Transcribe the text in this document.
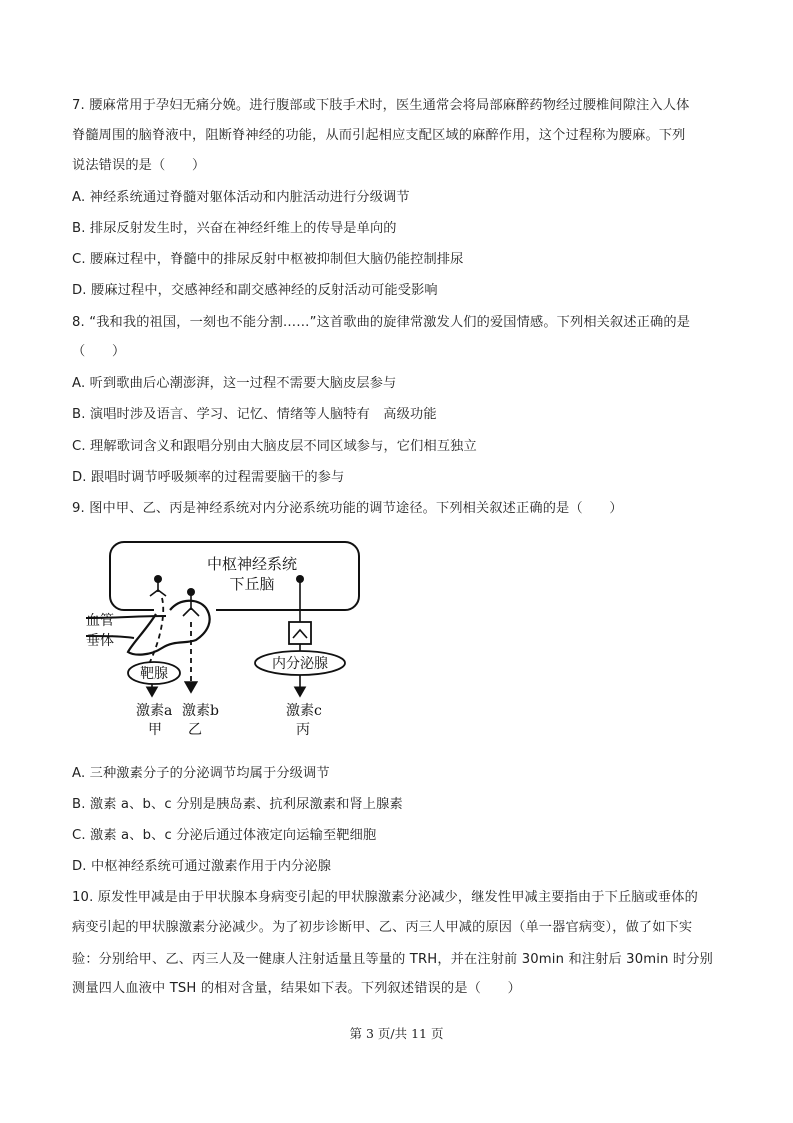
7. 腰麻常用于孕妇无痛分娩。进行腹部或下肢手术时，医生通常会将局部麻醉药物经过腰椎间隙注入人体
脊髓周围的脑脊液中，阻断脊神经的功能，从而引起相应支配区域的麻醉作用，这个过程称为腰麻。下列
说法错误的是（　　）
A. 神经系统通过脊髓对躯体活动和内脏活动进行分级调节
B. 排尿反射发生时，兴奋在神经纤维上的传导是单向的
C. 腰麻过程中，脊髓中的排尿反射中枢被抑制但大脑仍能控制排尿
D. 腰麻过程中，交感神经和副交感神经的反射活动可能受影响
8. “我和我的祖国，一刻也不能分割……”这首歌曲的旋律常激发人们的爱国情感。下列相关叙述正确的是
（　　）
A. 听到歌曲后心潮澎湃，这一过程不需要大脑皮层参与
B. 演唱时涉及语言、学习、记忆、情绪等人脑特有　高级功能
C. 理解歌词含义和跟唱分别由大脑皮层不同区域参与，它们相互独立
D. 跟唱时调节呼吸频率的过程需要脑干的参与
9. 图中甲、乙、丙是神经系统对内分泌系统功能的调节途径。下列相关叙述正确的是（　　）
中枢神经系统
下丘脑
血管
垂体
靶腺
激素a
甲
激素b
乙
内分泌腺
激素c
丙
A. 三种激素分子的分泌调节均属于分级调节
B. 激素 a、b、c 分别是胰岛素、抗利尿激素和肾上腺素
C. 激素 a、b、c 分泌后通过体液定向运输至靶细胞
D. 中枢神经系统可通过激素作用于内分泌腺
10. 原发性甲减是由于甲状腺本身病变引起的甲状腺激素分泌减少，继发性甲减主要指由于下丘脑或垂体的
病变引起的甲状腺激素分泌减少。为了初步诊断甲、乙、丙三人甲减的原因（单一器官病变），做了如下实
验：分别给甲、乙、丙三人及一健康人注射适量且等量的 TRH，并在注射前 30min 和注射后 30min 时分别
测量四人血液中 TSH 的相对含量，结果如下表。下列叙述错误的是（　　）
第 3 页/共 11 页
